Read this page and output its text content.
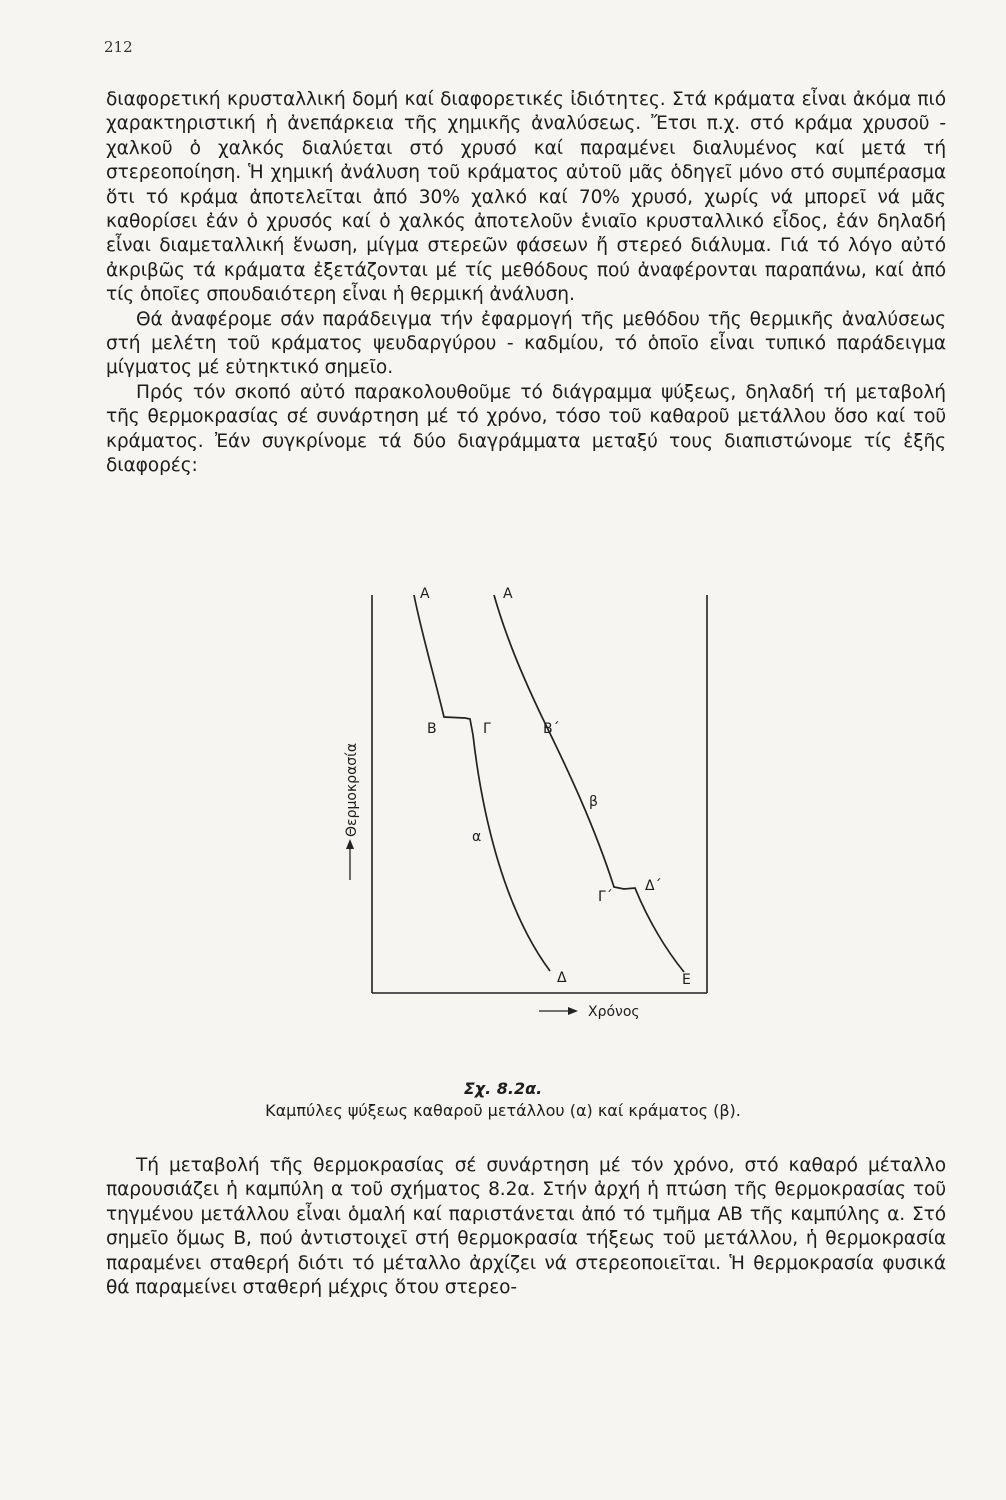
212

διαφορετική κρυσταλλική δομή καί διαφορετικές ἰδιότητες. Στά κράματα εἶναι ἀκόμα πιό χαρακτηριστική ἡ ἀνεπάρκεια τῆς χημικῆς ἀναλύσεως. Ἔτσι π.χ. στό κράμα χρυσοῦ - χαλκοῦ ὁ χαλκός διαλύεται στό χρυσό καί παραμένει διαλυμένος καί μετά τή στερεοποίηση. Ἡ χημική ἀνάλυση τοῦ κράματος αὐτοῦ μᾶς ὁδηγεῖ μόνο στό συμπέρασμα ὅτι τό κράμα ἀποτελεῖται ἀπό 30% χαλκό καί 70% χρυσό, χωρίς νά μπορεῖ νά μᾶς καθορίσει ἐάν ὁ χρυσός καί ὁ χαλκός ἀποτελοῦν ἑνιαῖο κρυσταλλικό εἶδος, ἐάν δηλαδή εἶναι διαμεταλλική ἕνωση, μίγμα στερεῶν φάσεων ἤ στερεό διάλυμα. Γιά τό λόγο αὐτό ἀκριβῶς τά κράματα ἐξετάζονται μέ τίς μεθόδους πού ἀναφέρονται παραπάνω, καί ἀπό τίς ὁποῖες σπουδαιότερη εἶναι ἡ θερμική ἀνάλυση.

Θά ἀναφέρομε σάν παράδειγμα τήν ἐφαρμογή τῆς μεθόδου τῆς θερμικῆς ἀναλύσεως στή μελέτη τοῦ κράματος ψευδαργύρου - καδμίου, τό ὁποῖο εἶναι τυπικό παράδειγμα μίγματος μέ εὐτηκτικό σημεῖο.

Πρός τόν σκοπό αὐτό παρακολουθοῦμε τό διάγραμμα ψύξεως, δηλαδή τή μεταβολή τῆς θερμοκρασίας σέ συνάρτηση μέ τό χρόνο, τόσο τοῦ καθαροῦ μετάλλου ὅσο καί τοῦ κράματος. Ἐάν συγκρίνομε τά δύο διαγράμματα μεταξύ τους διαπιστώνομε τίς ἑξῆς διαφορές:

Α
Β	Γ
α
Δ
Α
Β΄
β
Γ΄
Δ΄
Ε
Θερμοκρασία
Χρόνος
Σχ. 8.2α.
Καμπύλες ψύξεως καθαροῦ μετάλλου (α) καί κράματος (β).

Τή μεταβολή τῆς θερμοκρασίας σέ συνάρτηση μέ τόν χρόνο, στό καθαρό μέταλλο παρουσιάζει ἡ καμπύλη α τοῦ σχήματος 8.2α. Στήν ἀρχή ἡ πτώση τῆς θερμοκρασίας τοῦ τηγμένου μετάλλου εἶναι ὁμαλή καί παριστάνεται ἀπό τό τμῆμα ΑΒ τῆς καμπύλης α. Στό σημεῖο ὅμως Β, πού ἀντιστοιχεῖ στή θερμοκρασία τήξεως τοῦ μετάλλου, ἡ θερμοκρασία παραμένει σταθερή διότι τό μέταλλο ἀρχίζει νά στερεοποιεῖται. Ἡ θερμοκρασία φυσικά θά παραμείνει σταθερή μέχρις ὅτου στερεο-
